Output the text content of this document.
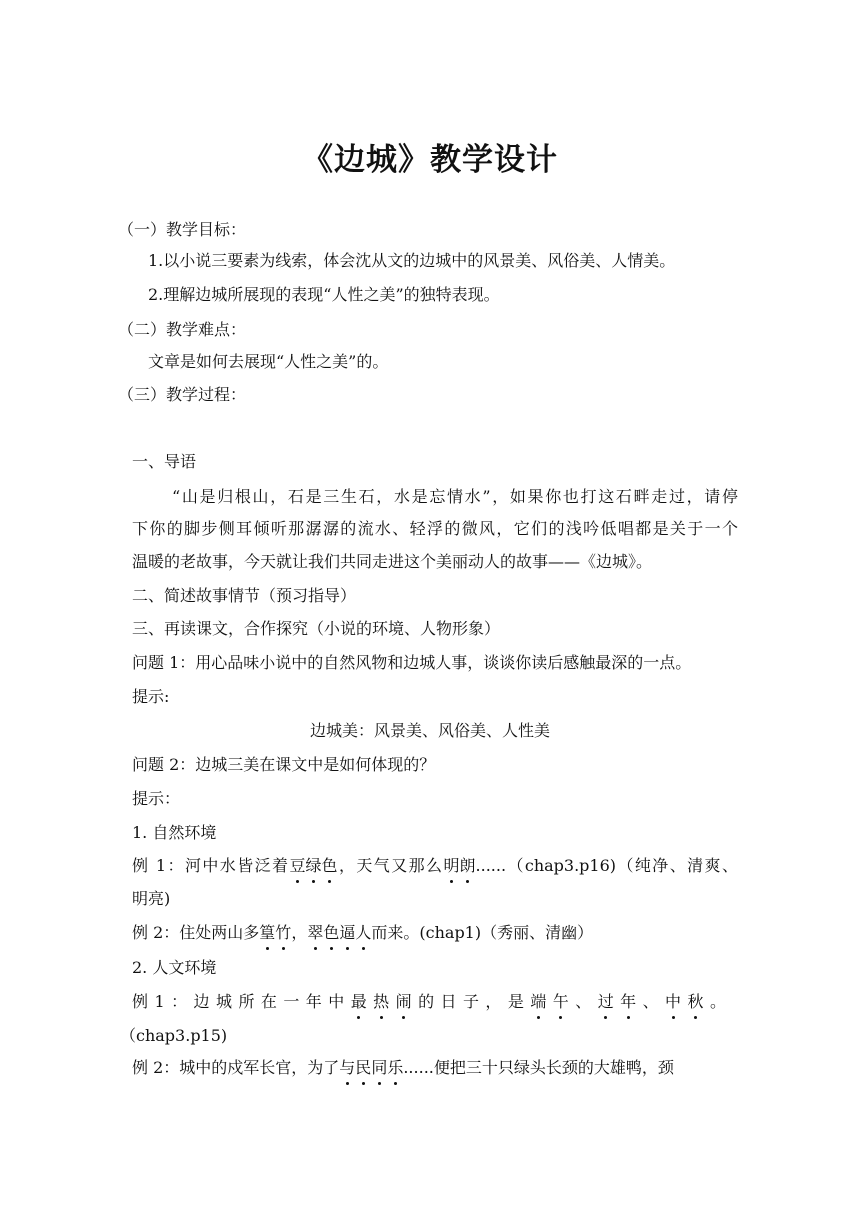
《边城》教学设计
（一）教学目标：
1.以小说三要素为线索，体会沈从文的边城中的风景美、风俗美、人情美。
2.理解边城所展现的表现“人性之美”的独特表现。
（二）教学难点：
文章是如何去展现“人性之美”的。
（三）教学过程：
一、导语
“山是归根山，石是三生石，水是忘情水”，如果你也打这石畔走过，请停
下你的脚步侧耳倾听那潺潺的流水、轻浮的微风，它们的浅吟低唱都是关于一个
温暖的老故事，今天就让我们共同走进这个美丽动人的故事——《边城》。
二、简述故事情节（预习指导）
三、再读课文，合作探究（小说的环境、人物形象）
问题 1：用心品味小说中的自然风物和边城人事，谈谈你读后感触最深的一点。
提示:
边城美：风景美、风俗美、人性美
问题 2：边城三美在课文中是如何体现的？
提示：
1. 自然环境
例 1：河中水皆泛着豆绿色，天气又那么明朗......（chap3.p16)（纯净、清爽、
明亮)
例 2：住处两山多篁竹，翠色逼人而来。(chap1)（秀丽、清幽）
2. 人文环境
例 1 ： 边 城 所 在 一 年 中 最 热 闹 的 日 子 ， 是 端 午 、 过 年 、 中 秋 。
（chap3.p15)
例 2：城中的戍军长官，为了与民同乐......便把三十只绿头长颈的大雄鸭，颈
